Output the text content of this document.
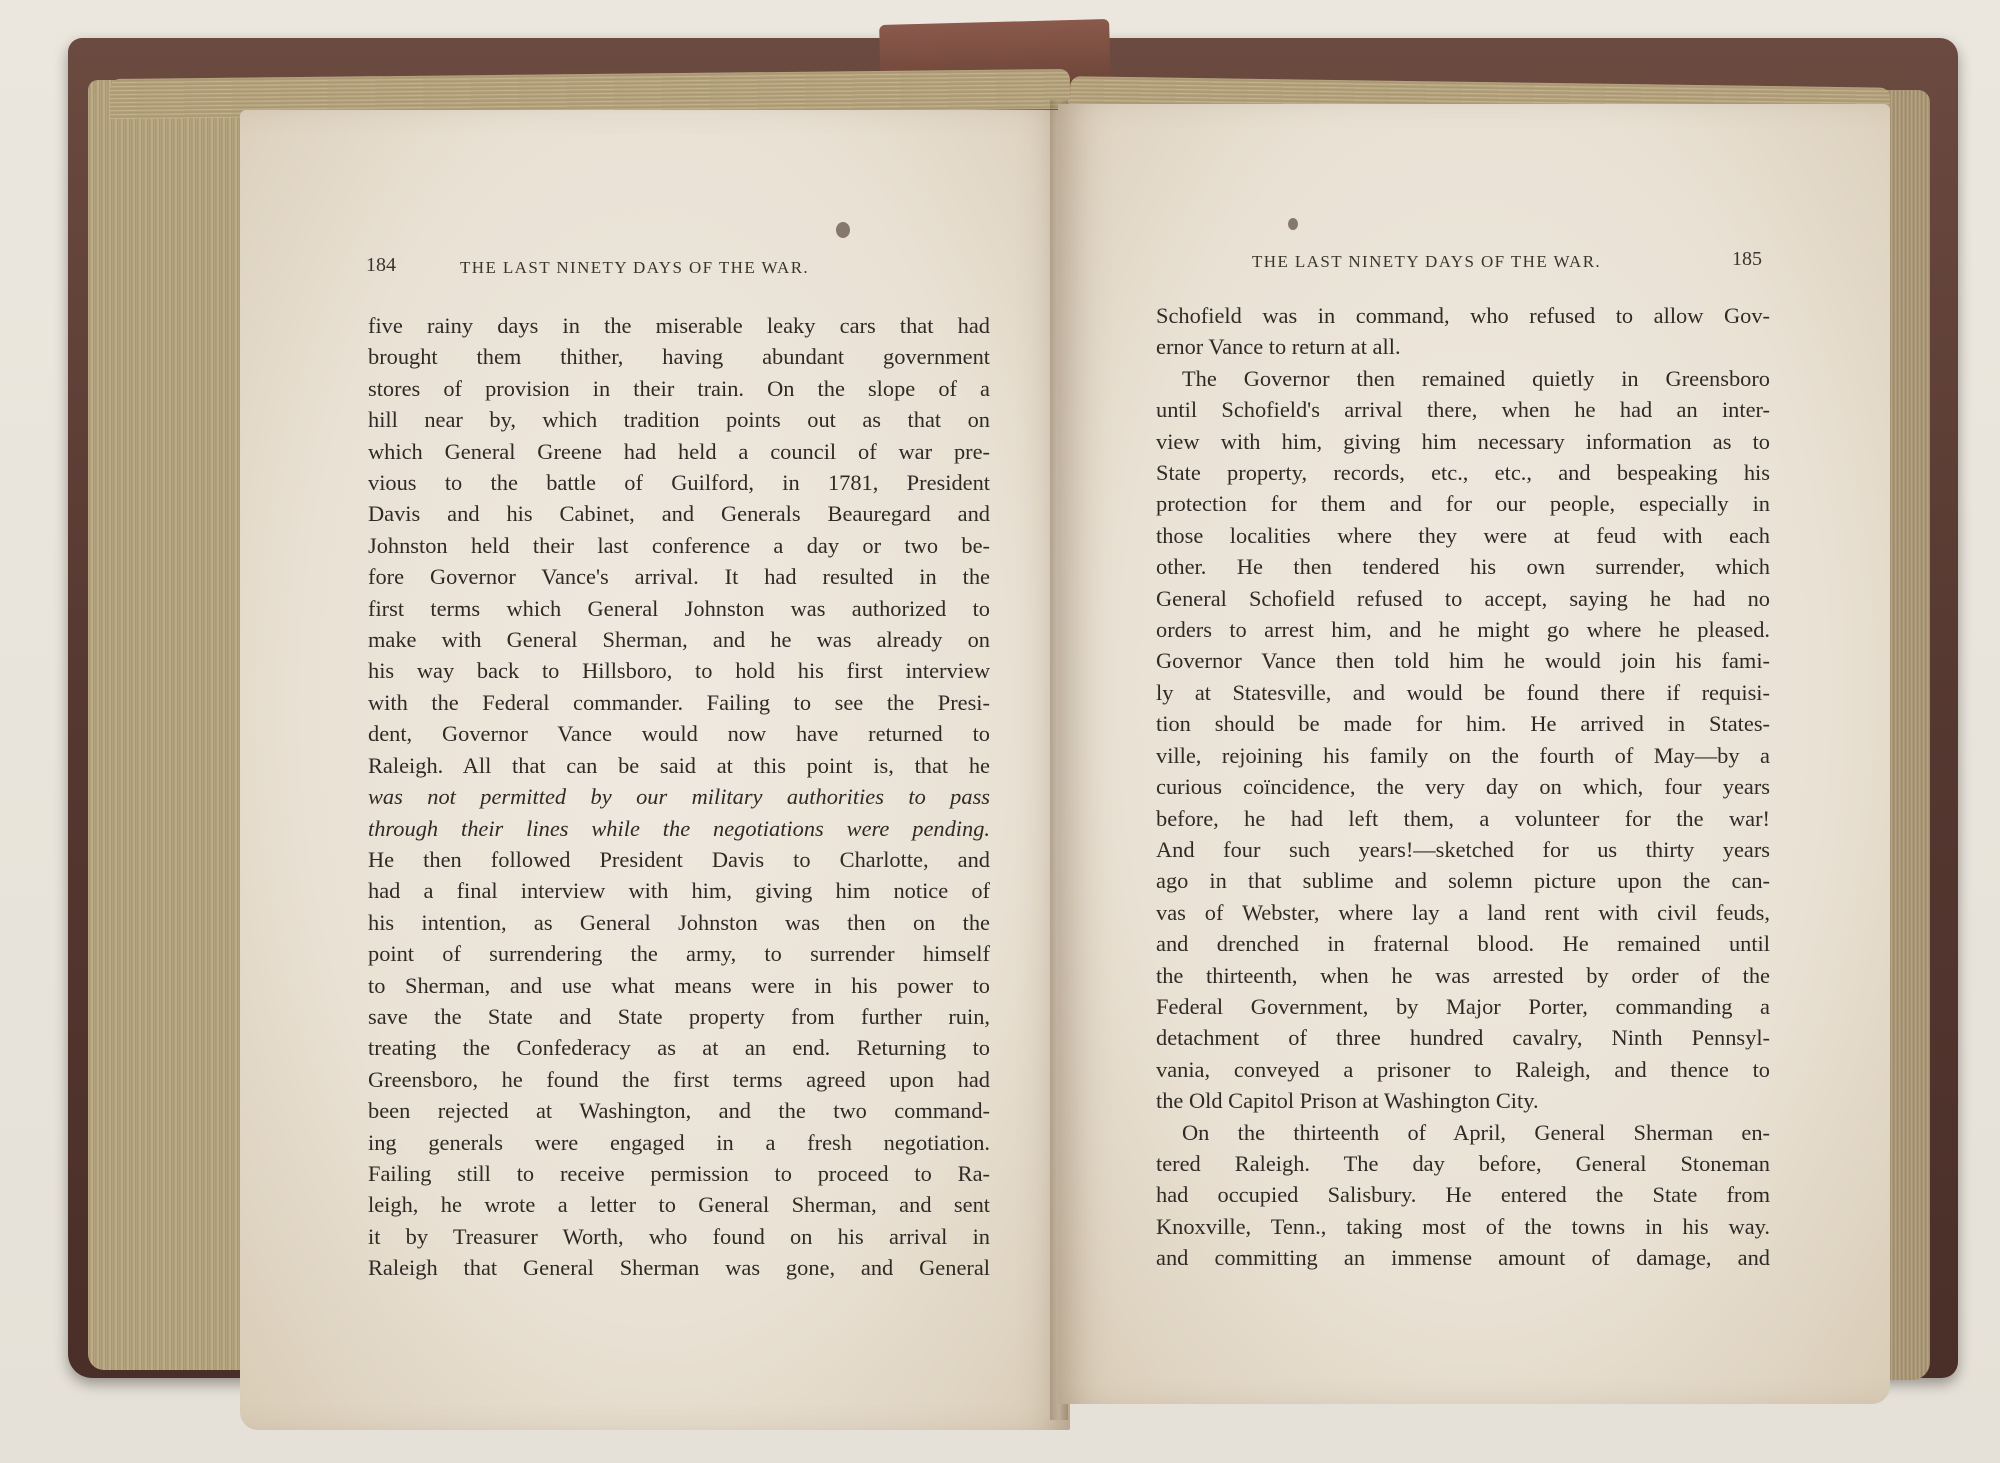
184	THE LAST NINETY DAYS OF THE WAR.
five rainy days in the miserable leaky cars that had
brought them thither, having abundant government
stores of provision in their train. On the slope of a
hill near by, which tradition points out as that on
which General Greene had held a council of war pre-
vious to the battle of Guilford, in 1781, President
Davis and his Cabinet, and Generals Beauregard and
Johnston held their last conference a day or two be-
fore Governor Vance's arrival. It had resulted in the
first terms which General Johnston was authorized to
make with General Sherman, and he was already on
his way back to Hillsboro, to hold his first interview
with the Federal commander. Failing to see the Presi-
dent, Governor Vance would now have returned to
Raleigh. All that can be said at this point is, that he
was not permitted by our military authorities to pass
through their lines while the negotiations were pending.
He then followed President Davis to Charlotte, and
had a final interview with him, giving him notice of
his intention, as General Johnston was then on the
point of surrendering the army, to surrender himself
to Sherman, and use what means were in his power to
save the State and State property from further ruin,
treating the Confederacy as at an end. Returning to
Greensboro, he found the first terms agreed upon had
been rejected at Washington, and the two command-
ing generals were engaged in a fresh negotiation.
Failing still to receive permission to proceed to Ra-
leigh, he wrote a letter to General Sherman, and sent
it by Treasurer Worth, who found on his arrival in
Raleigh that General Sherman was gone, and General
THE LAST NINETY DAYS OF THE WAR.	185
Schofield was in command, who refused to allow Gov-
ernor Vance to return at all.
The Governor then remained quietly in Greensboro
until Schofield's arrival there, when he had an inter-
view with him, giving him necessary information as to
State property, records, etc., etc., and bespeaking his
protection for them and for our people, especially in
those localities where they were at feud with each
other. He then tendered his own surrender, which
General Schofield refused to accept, saying he had no
orders to arrest him, and he might go where he pleased.
Governor Vance then told him he would join his fami-
ly at Statesville, and would be found there if requisi-
tion should be made for him. He arrived in States-
ville, rejoining his family on the fourth of May—by a
curious coïncidence, the very day on which, four years
before, he had left them, a volunteer for the war!
And four such years!—sketched for us thirty years
ago in that sublime and solemn picture upon the can-
vas of Webster, where lay a land rent with civil feuds,
and drenched in fraternal blood. He remained until
the thirteenth, when he was arrested by order of the
Federal Government, by Major Porter, commanding a
detachment of three hundred cavalry, Ninth Pennsyl-
vania, conveyed a prisoner to Raleigh, and thence to
the Old Capitol Prison at Washington City.
On the thirteenth of April, General Sherman en-
tered Raleigh. The day before, General Stoneman
had occupied Salisbury. He entered the State from
Knoxville, Tenn., taking most of the towns in his way.
and committing an immense amount of damage, and
